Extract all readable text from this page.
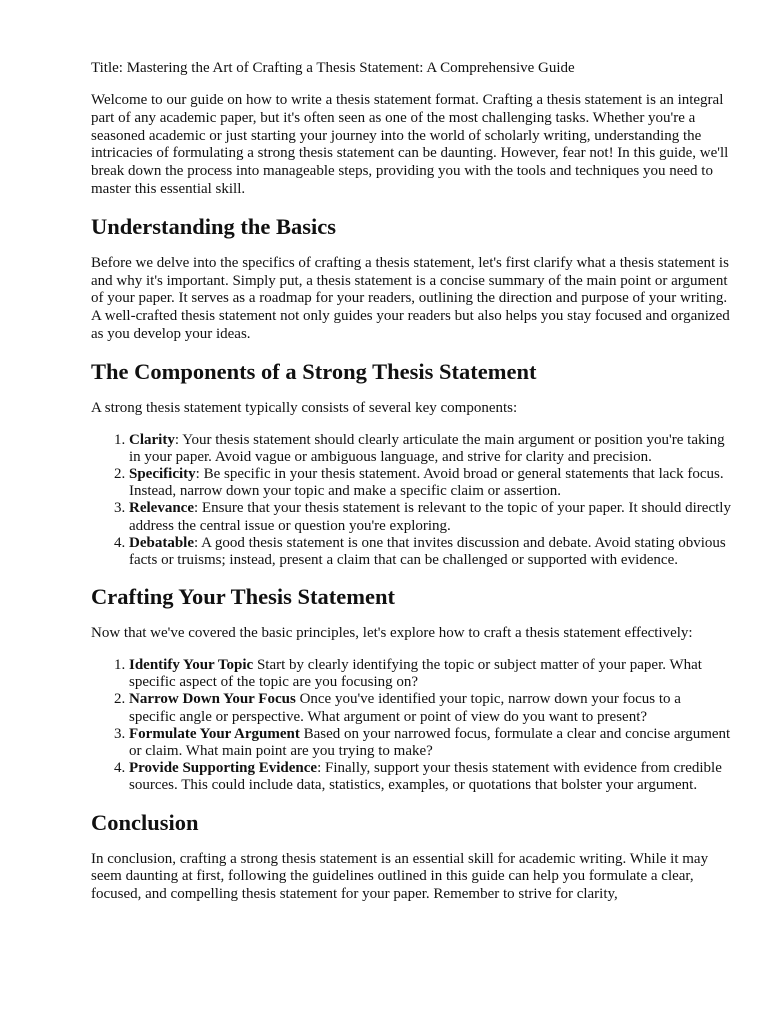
Title: Mastering the Art of Crafting a Thesis Statement: A Comprehensive Guide

Welcome to our guide on how to write a thesis statement format. Crafting a thesis statement is an integral part of any academic paper, but it's often seen as one of the most challenging tasks. Whether you're a seasoned academic or just starting your journey into the world of scholarly writing, understanding the intricacies of formulating a strong thesis statement can be daunting. However, fear not! In this guide, we'll break down the process into manageable steps, providing you with the tools and techniques you need to master this essential skill.

Understanding the Basics

Before we delve into the specifics of crafting a thesis statement, let's first clarify what a thesis statement is and why it's important. Simply put, a thesis statement is a concise summary of the main point or argument of your paper. It serves as a roadmap for your readers, outlining the direction and purpose of your writing. A well-crafted thesis statement not only guides your readers but also helps you stay focused and organized as you develop your ideas.

The Components of a Strong Thesis Statement

A strong thesis statement typically consists of several key components:

1. Clarity: Your thesis statement should clearly articulate the main argument or position you're taking in your paper. Avoid vague or ambiguous language, and strive for clarity and precision.
2. Specificity: Be specific in your thesis statement. Avoid broad or general statements that lack focus. Instead, narrow down your topic and make a specific claim or assertion.
3. Relevance: Ensure that your thesis statement is relevant to the topic of your paper. It should directly address the central issue or question you're exploring.
4. Debatable: A good thesis statement is one that invites discussion and debate. Avoid stating obvious facts or truisms; instead, present a claim that can be challenged or supported with evidence.
Crafting Your Thesis Statement

Now that we've covered the basic principles, let's explore how to craft a thesis statement effectively:

1. Identify Your Topic Start by clearly identifying the topic or subject matter of your paper. What specific aspect of the topic are you focusing on?
2. Narrow Down Your Focus Once you've identified your topic, narrow down your focus to a specific angle or perspective. What argument or point of view do you want to present?
3. Formulate Your Argument Based on your narrowed focus, formulate a clear and concise argument or claim. What main point are you trying to make?
4. Provide Supporting Evidence: Finally, support your thesis statement with evidence from credible sources. This could include data, statistics, examples, or quotations that bolster your argument.
Conclusion

In conclusion, crafting a strong thesis statement is an essential skill for academic writing. While it may seem daunting at first, following the guidelines outlined in this guide can help you formulate a clear, focused, and compelling thesis statement for your paper. Remember to strive for clarity,
